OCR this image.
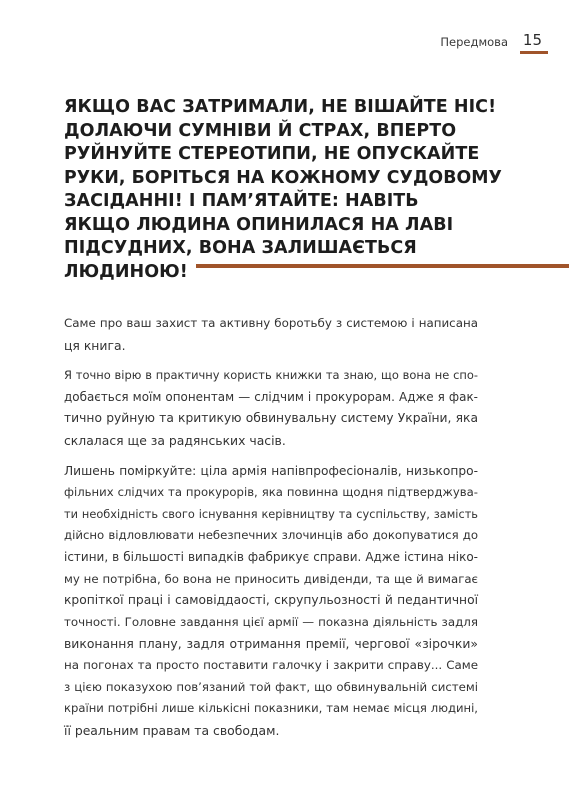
Передмова 15
ЯКЩО ВАС ЗАТРИМАЛИ, НЕ ВІШАЙТЕ НІС!
ДОЛАЮЧИ СУМНІВИ Й СТРАХ, ВПЕРТО
РУЙНУЙТЕ СТЕРЕОТИПИ, НЕ ОПУСКАЙТЕ
РУКИ, БОРІТЬСЯ НА КОЖНОМУ СУДОВОМУ
ЗАСІДАННІ! І ПАМ’ЯТАЙТЕ: НАВІТЬ
ЯКЩО ЛЮДИНА ОПИНИЛАСЯ НА ЛАВІ
ПІДСУДНИХ, ВОНА ЗАЛИШАЄТЬСЯ
ЛЮДИНОЮ!

Саме про ваш захист та активну боротьбу з системою і написана
ця книга.

Я точно вірю в практичну користь книжки та знаю, що вона не спо-
добається моїм опонентам — слідчим і прокурорам. Адже я фак-
тично руйную та критикую обвинувальну систему України, яка
склалася ще за радянських часів.

Лишень поміркуйте: ціла армія напівпрофесіоналів, низькопро-
фільних слідчих та прокурорів, яка повинна щодня підтверджува-
ти необхідність свого існування керівництву та суспільству, замість
дійсно відловлювати небезпечних злочинців або докопуватися до
істини, в більшості випадків фабрикує справи. Адже істина ніко-
му не потрібна, бо вона не приносить дивіденди, та ще й вимагає
кропіткої праці і самовіддаості, скрупульозності й педантичної
точності. Головне завдання цієї армії — показна діяльність задля
виконання плану, задля отримання премії, чергової «зірочки»
на погонах та просто поставити галочку і закрити справу... Саме
з цією показухою пов’язаний той факт, що обвинувальній системі
країни потрібні лише кількісні показники, там немає місця людині,
її реальним правам та свободам.
